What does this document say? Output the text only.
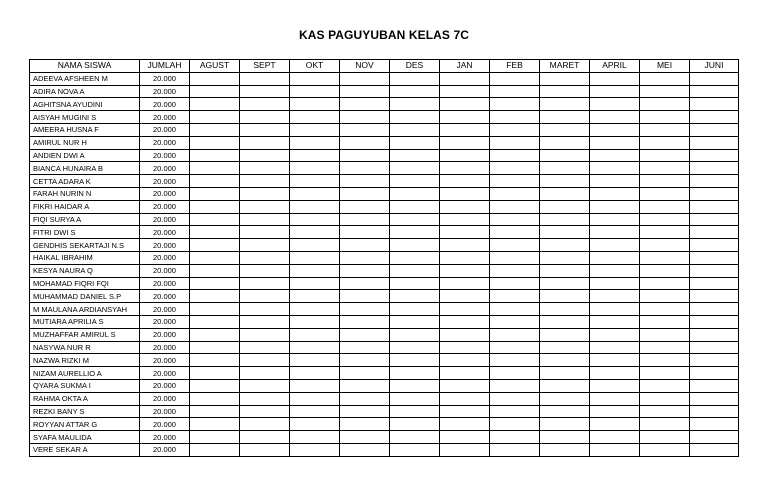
KAS PAGUYUBAN KELAS 7C
NAMA SISWA	JUMLAH	AGUST	SEPT	OKT	NOV	DES	JAN	FEB	MARET	APRIL	MEI	JUNI
ADEEVA AFSHEEN M	20.000											
ADIRA NOVA A	20.000											
AGHITSNA AYUDINI	20.000											
AISYAH MUGINI S	20.000											
AMEERA HUSNA F	20.000											
AMIRUL NUR H	20.000											
ANDIEN DWI A	20.000											
BIANCA HUNAIRA B	20.000											
CETTA ADARA K	20.000											
FARAH NURIN N	20.000											
FIKRI HAIDAR A	20.000											
FIQI SURYA A	20.000											
FITRI DWI S	20.000											
GENDHIS SEKARTAJI N.S	20.000											
HAIKAL IBRAHIM	20.000											
KESYA NAURA Q	20.000											
MOHAMAD FIQRI FQI	20.000											
MUHAMMAD DANIEL S.P	20.000											
M MAULANA ARDIANSYAH	20.000											
MUTIARA APRILIA S	20.000											
MUZHAFFAR AMIRUL S	20.000											
NASYWA NUR R	20.000											
NAZWA RIZKI M	20.000											
NIZAM AURELLIO A	20.000											
QYARA SUKMA I	20.000											
RAHMA OKTA A	20.000											
REZKI BANY S	20.000											
ROYYAN ATTAR G	20.000											
SYAFA MAULIDA	20.000											
VERE SEKAR A	20.000											
